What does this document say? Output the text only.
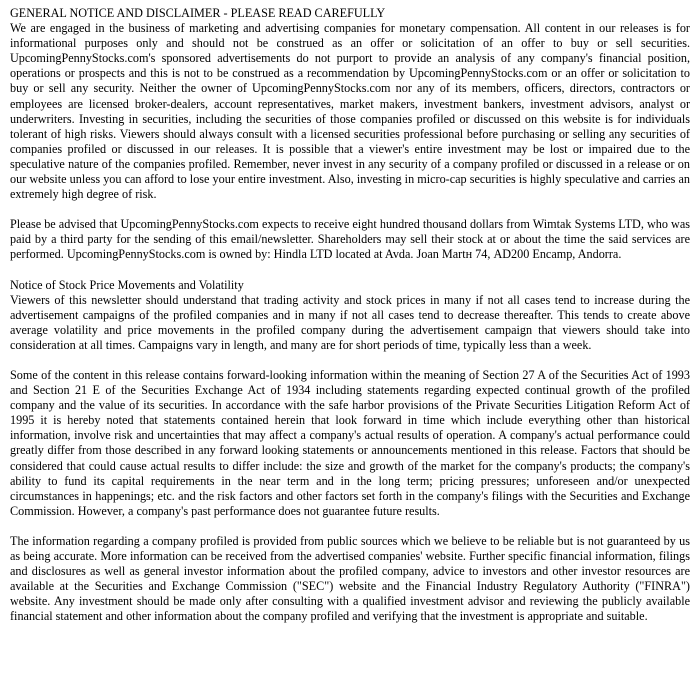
GENERAL NOTICE AND DISCLAIMER - PLEASE READ CAREFULLY
We are engaged in the business of marketing and advertising companies for monetary compensation. All content in our releases is for informational purposes only and should not be construed as an offer or solicitation of an offer to buy or sell securities. UpcomingPennyStocks.com's sponsored advertisements do not purport to provide an analysis of any company's financial position, operations or prospects and this is not to be construed as a recommendation by UpcomingPennyStocks.com or an offer or solicitation to buy or sell any security. Neither the owner of UpcomingPennyStocks.com nor any of its members, officers, directors, contractors or employees are licensed broker-dealers, account representatives, market makers, investment bankers, investment advisors, analyst or underwriters. Investing in securities, including the securities of those companies profiled or discussed on this website is for individuals tolerant of high risks. Viewers should always consult with a licensed securities professional before purchasing or selling any securities of companies profiled or discussed in our releases. It is possible that a viewer's entire investment may be lost or impaired due to the speculative nature of the companies profiled. Remember, never invest in any security of a company profiled or discussed in a release or on our website unless you can afford to lose your entire investment. Also, investing in micro-cap securities is highly speculative and carries an extremely high degree of risk.

Please be advised that UpcomingPennyStocks.com expects to receive eight hundred thousand dollars from Wimtak Systems LTD, who was paid by a third party for the sending of this email/newsletter. Shareholders may sell their stock at or about the time the said services are performed. UpcomingPennyStocks.com is owned by: Hindla LTD located at Avda. Joan Martн 74, AD200 Encamp, Andorra.

Notice of Stock Price Movements and Volatility
Viewers of this newsletter should understand that trading activity and stock prices in many if not all cases tend to increase during the advertisement campaigns of the profiled companies and in many if not all cases tend to decrease thereafter. This tends to create above average volatility and price movements in the profiled company during the advertisement campaign that viewers should take into consideration at all times. Campaigns vary in length, and many are for short periods of time, typically less than a week.

Some of the content in this release contains forward-looking information within the meaning of Section 27 A of the Securities Act of 1993 and Section 21 E of the Securities Exchange Act of 1934 including statements regarding expected continual growth of the profiled company and the value of its securities. In accordance with the safe harbor provisions of the Private Securities Litigation Reform Act of 1995 it is hereby noted that statements contained herein that look forward in time which include everything other than historical information, involve risk and uncertainties that may affect a company's actual results of operation. A company's actual performance could greatly differ from those described in any forward looking statements or announcements mentioned in this release. Factors that should be considered that could cause actual results to differ include: the size and growth of the market for the company's products; the company's ability to fund its capital requirements in the near term and in the long term; pricing pressures; unforeseen and/or unexpected circumstances in happenings; etc. and the risk factors and other factors set forth in the company's filings with the Securities and Exchange Commission. However, a company's past performance does not guarantee future results.

The information regarding a company profiled is provided from public sources which we believe to be reliable but is not guaranteed by us as being accurate. More information can be received from the advertised companies' website. Further specific financial information, filings and disclosures as well as general investor information about the profiled company, advice to investors and other investor resources are available at the Securities and Exchange Commission ("SEC") website and the Financial Industry Regulatory Authority ("FINRA") website. Any investment should be made only after consulting with a qualified investment advisor and reviewing the publicly available financial statement and other information about the company profiled and verifying that the investment is appropriate and suitable.
